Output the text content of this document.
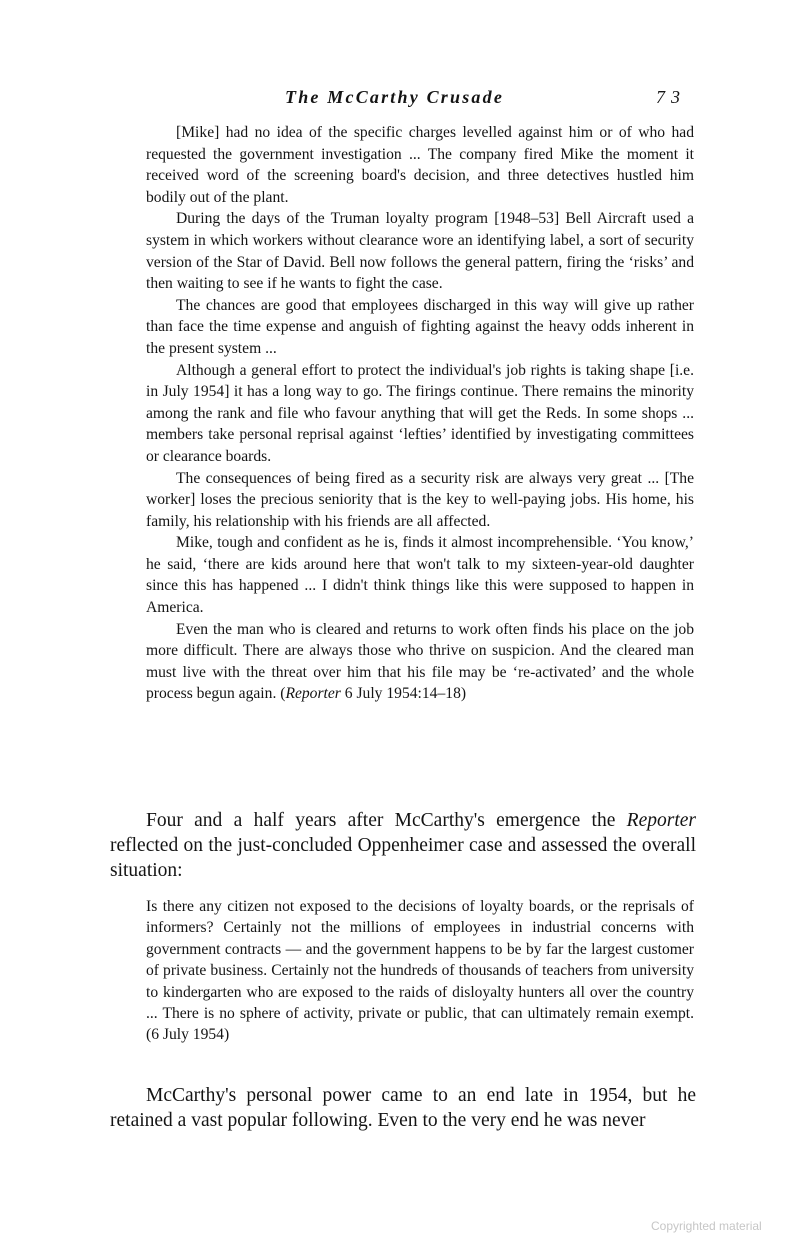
The McCarthy Crusade	73

[Mike] had no idea of the specific charges levelled against him or of who had requested the government investigation ... The company fired Mike the moment it received word of the screening board's decision, and three detectives hustled him bodily out of the plant.

During the days of the Truman loyalty program [1948–53] Bell Aircraft used a system in which workers without clearance wore an identifying label, a sort of security version of the Star of David. Bell now follows the general pattern, firing the ‘risks’ and then waiting to see if he wants to fight the case.

The chances are good that employees discharged in this way will give up rather than face the time expense and anguish of fighting against the heavy odds inherent in the present system ...

Although a general effort to protect the individual's job rights is taking shape [i.e. in July 1954] it has a long way to go. The firings continue. There remains the minority among the rank and file who favour anything that will get the Reds. In some shops ... members take personal reprisal against ‘lefties’ identified by investigating committees or clearance boards.

The consequences of being fired as a security risk are always very great ... [The worker] loses the precious seniority that is the key to well-paying jobs. His home, his family, his relationship with his friends are all affected.

Mike, tough and confident as he is, finds it almost incomprehensible. ‘You know,’ he said, ‘there are kids around here that won't talk to my sixteen-year-old daughter since this has happened ... I didn't think things like this were supposed to happen in America.

Even the man who is cleared and returns to work often finds his place on the job more difficult. There are always those who thrive on suspicion. And the cleared man must live with the threat over him that his file may be ‘re-activated’ and the whole process begun again. (Reporter 6 July 1954:14–18)

Four and a half years after McCarthy's emergence the Reporter reflected on the just-concluded Oppenheimer case and assessed the overall situation:

Is there any citizen not exposed to the decisions of loyalty boards, or the reprisals of informers? Certainly not the millions of employees in industrial concerns with government contracts — and the government happens to be by far the largest customer of private business. Certainly not the hundreds of thousands of teachers from university to kindergarten who are exposed to the raids of disloyalty hunters all over the country ... There is no sphere of activity, private or public, that can ultimately remain exempt. (6 July 1954)

McCarthy's personal power came to an end late in 1954, but he retained a vast popular following. Even to the very end he was never

Copyrighted material
